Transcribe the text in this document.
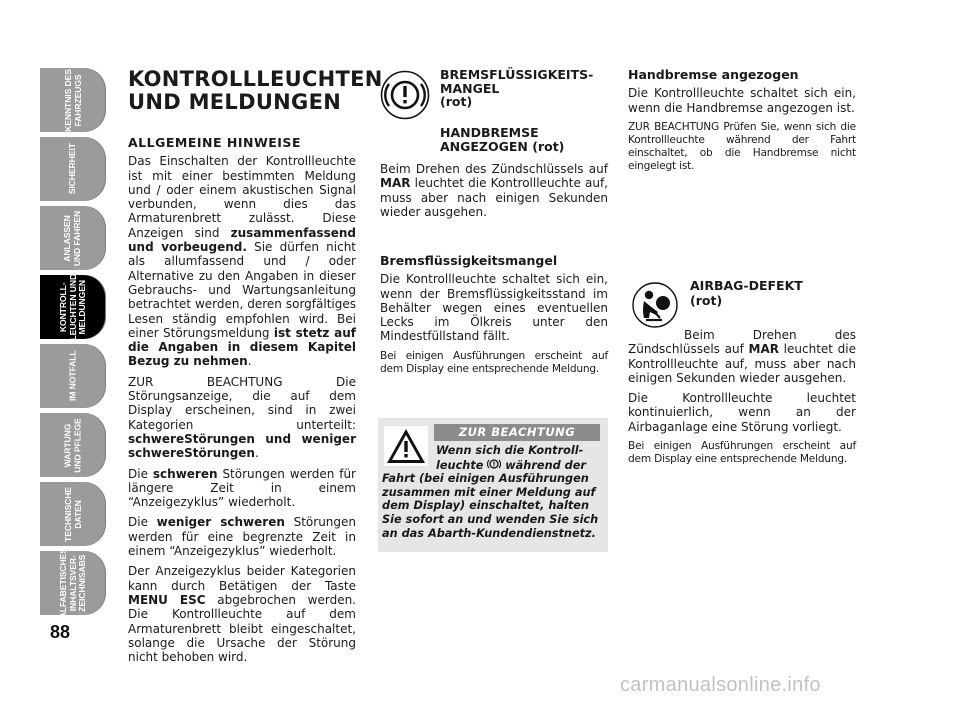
KENNTNIS DES
FAHRZEUGS
SICHERHEIT
ANLASSEN
UND FAHREN
KONTROLL-
LEUCHTEN UND
MELDUNGEN
IM NOTFALL
WARTUNG
UND PFLEGE
TECHNISCHE
DATEN
ALFABETISCHES
INHALTSVER-
ZEICHNISABS
88
KONTROLLLEUCHTEN
UND MELDUNGEN
ALLGEMEINE HINWEISE

Das Einschalten der Kontrollleuchte ist mit einer bestimmten Meldung und / oder einem akustischen Signal verbunden, wenn dies das Armaturenbrett zulässt. Diese Anzeigen sind zusammenfassend und vorbeugend. Sie dürfen nicht als allumfassend und / oder Alternative zu den Angaben in dieser Gebrauchs- und Wartungsanleitung betrachtet werden, deren sorgfältiges Lesen ständig empfohlen wird. Bei einer Störungsmeldung ist stetz auf die Angaben in diesem Kapitel Bezug zu nehmen.

ZUR BEACHTUNG Die Störungsanzeige, die auf dem Display erscheinen, sind in zwei Kategorien unterteilt: schwereStörungen und weniger schwereStörungen.

Die schweren Störungen werden für längere Zeit in einem “Anzeigezyklus” wiederholt.

Die weniger schweren Störungen werden für eine begrenzte Zeit in einem “Anzeigezyklus” wiederholt.

Der Anzeigezyklus beider Kategorien kann durch Betätigen der Taste MENU ESC abgebrochen werden. Die Kontrollleuchte auf dem Armaturenbrett bleibt eingeschaltet, solange die Ursache der Störung nicht behoben wird.

BREMSFLÜSSIGKEITS-
MANGEL
(rot)
HANDBREMSE
ANGEZOGEN (rot)

Beim Drehen des Zündschlüssels auf MAR leuchtet die Kontrollleuchte auf, muss aber nach einigen Sekunden wieder ausgehen.

Bremsflüssigkeitsmangel

Die Kontrollleuchte schaltet sich ein, wenn der Bremsflüssigkeitsstand im Behälter wegen eines eventuellen Lecks im Ölkreis unter den Mindestfüllstand fällt.

Bei einigen Ausführungen erscheint auf dem Display eine entsprechende Meldung.

ZUR BEACHTUNG
Wenn sich die Kontroll-
leuchte  während der
Fahrt (bei einigen Ausführungen zusammen mit einer Meldung auf dem Display) einschaltet, halten Sie sofort an und wenden Sie sich an das Abarth-Kundendienstnetz.
Handbremse angezogen

Die Kontrollleuchte schaltet sich ein, wenn die Handbremse angezogen ist.

ZUR BEACHTUNG Prüfen Sie, wenn sich die Kontrollleuchte während der Fahrt einschaltet, ob die Handbremse nicht eingelegt ist.

AIRBAG-DEFEKT
(rot)

Beim Drehen des Zündschlüssels auf MAR leuchtet die Kontrollleuchte auf, muss aber nach einigen Sekunden wieder ausgehen.

Die Kontrollleuchte leuchtet kontinuierlich, wenn an der Airbaganlage eine Störung vorliegt.

Bei einigen Ausführungen erscheint auf dem Display eine entsprechende Meldung.

carmanualsonline.info
